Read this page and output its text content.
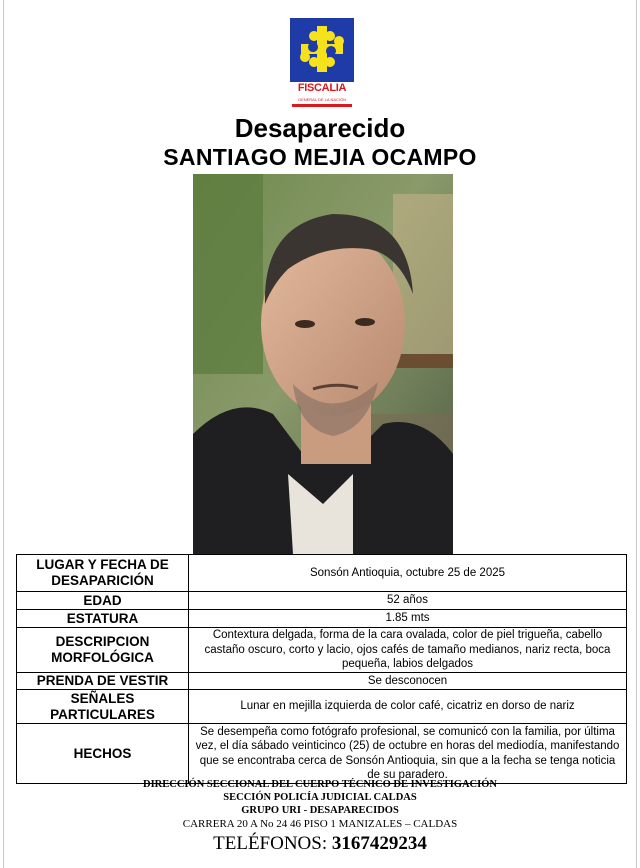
FISCALIA
GENERAL DE LA NACIÓN
Desaparecido
SANTIAGO MEJIA OCAMPO
LUGAR Y FECHA DE DESAPARICIÓN	Sonsón Antioquia, octubre 25 de 2025
EDAD	52 años
ESTATURA	1.85 mts
DESCRIPCION MORFOLÓGICA	Contextura delgada, forma de la cara ovalada, color de piel trigueña, cabello castaño oscuro, corto y lacio, ojos cafés de tamaño medianos, nariz recta, boca pequeña, labios delgados
PRENDA DE VESTIR	Se desconocen
SEÑALES PARTICULARES	Lunar en mejilla izquierda de color café, cicatriz en dorso de nariz
HECHOS	Se desempeña como fotógrafo profesional, se comunicó con la familia, por última vez, el día sábado veinticinco (25) de octubre en horas del mediodía, manifestando que se encontraba cerca de Sonsón Antioquia, sin que a la fecha se tenga noticia de su paradero.
DIRECCIÓN SECCIONAL DEL CUERPO TÉCNICO DE INVESTIGACIÓN
SECCIÓN POLICÍA JUDICIAL CALDAS
GRUPO URI - DESAPARECIDOS
CARRERA 20 A No 24 46 PISO 1 MANIZALES – CALDAS
TELÉFONOS: 3167429234
